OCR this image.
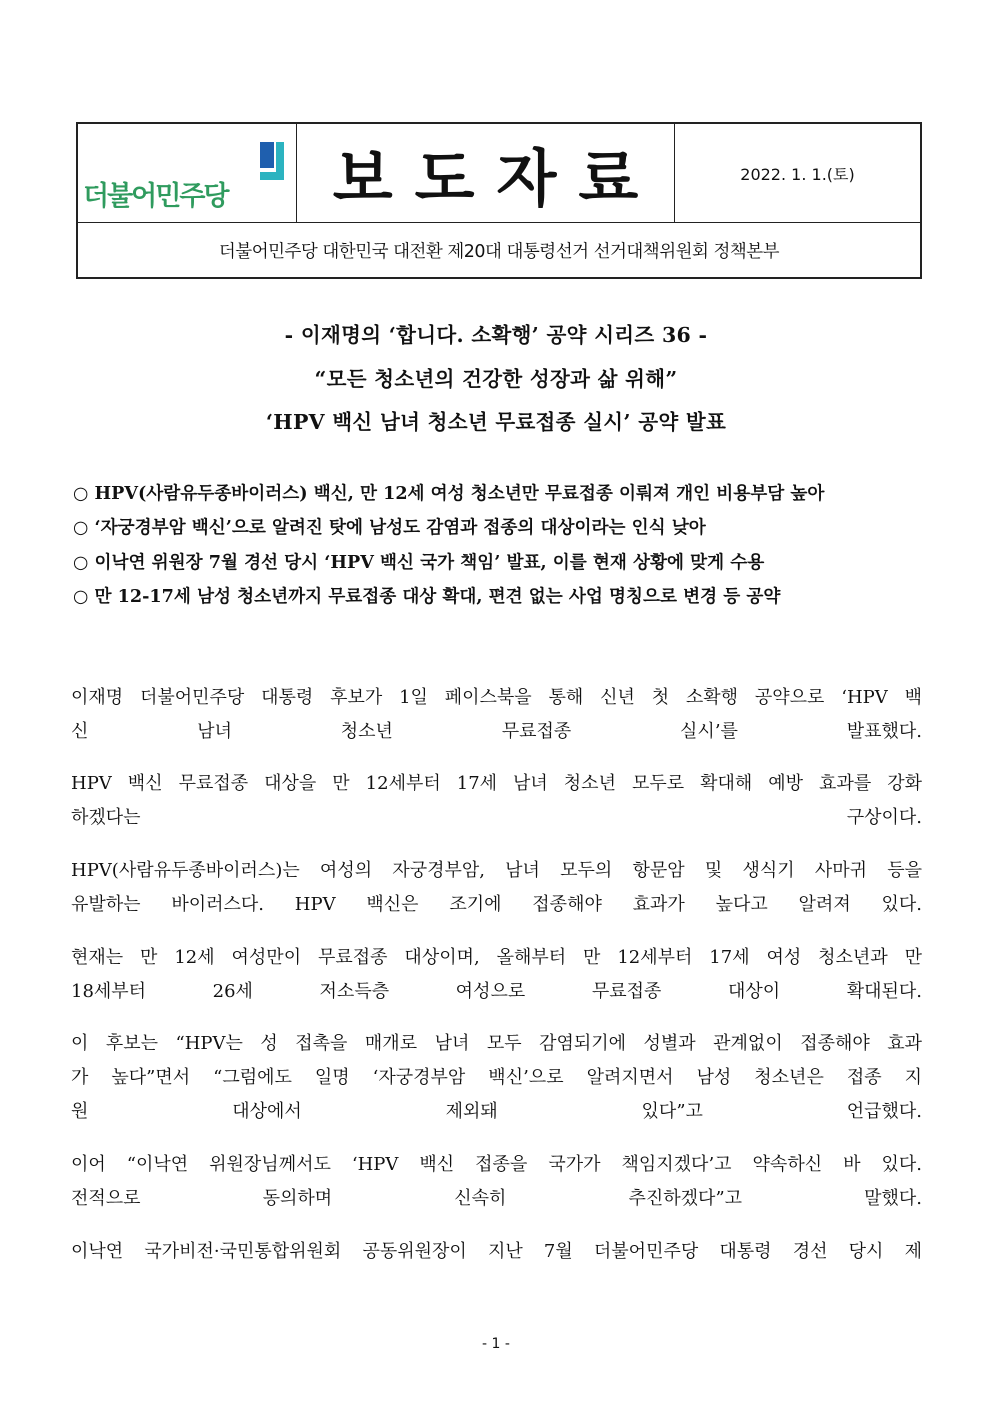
더불어민주당 보도자료	2022. 1. 1.(토)
더불어민주당 대한민국 대전환 제20대 대통령선거 선거대책위원회 정책본부
- 이재명의 ‘합니다. 소확행’ 공약 시리즈 36 -
“모든 청소년의 건강한 성장과 삶 위해”
‘HPV 백신 남녀 청소년 무료접종 실시’ 공약 발표
○ HPV(사람유두종바이러스) 백신, 만 12세 여성 청소년만 무료접종 이뤄져 개인 비용부담 높아
○ ‘자궁경부암 백신’으로 알려진 탓에 남성도 감염과 접종의 대상이라는 인식 낮아
○ 이낙연 위원장 7월 경선 당시 ‘HPV 백신 국가 책임’ 발표, 이를 현재 상황에 맞게 수용
○ 만 12-17세 남성 청소년까지 무료접종 대상 확대, 편견 없는 사업 명칭으로 변경 등 공약

이재명 더불어민주당 대통령 후보가 1일 페이스북을 통해 신년 첫 소확행 공약으로 ‘HPV 백
신 남녀 청소년 무료접종 실시’를 발표했다.

HPV 백신 무료접종 대상을 만 12세부터 17세 남녀 청소년 모두로 확대해 예방 효과를 강화
하겠다는 구상이다.

HPV(사람유두종바이러스)는 여성의 자궁경부암, 남녀 모두의 항문암 및 생식기 사마귀 등을
유발하는 바이러스다. HPV 백신은 조기에 접종해야 효과가 높다고 알려져 있다.

현재는 만 12세 여성만이 무료접종 대상이며, 올해부터 만 12세부터 17세 여성 청소년과 만
18세부터 26세 저소득층 여성으로 무료접종 대상이 확대된다.

이 후보는 “HPV는 성 접촉을 매개로 남녀 모두 감염되기에 성별과 관계없이 접종해야 효과
가 높다”면서 “그럼에도 일명 ‘자궁경부암 백신’으로 알려지면서 남성 청소년은 접종 지
원 대상에서 제외돼 있다”고 언급했다.

이어 “이낙연 위원장님께서도 ‘HPV 백신 접종을 국가가 책임지겠다’고 약속하신 바 있다.
전적으로 동의하며 신속히 추진하겠다”고 말했다.

이낙연 국가비전·국민통합위원회 공동위원장이 지난 7월 더불어민주당 대통령 경선 당시 제

- 1 -
